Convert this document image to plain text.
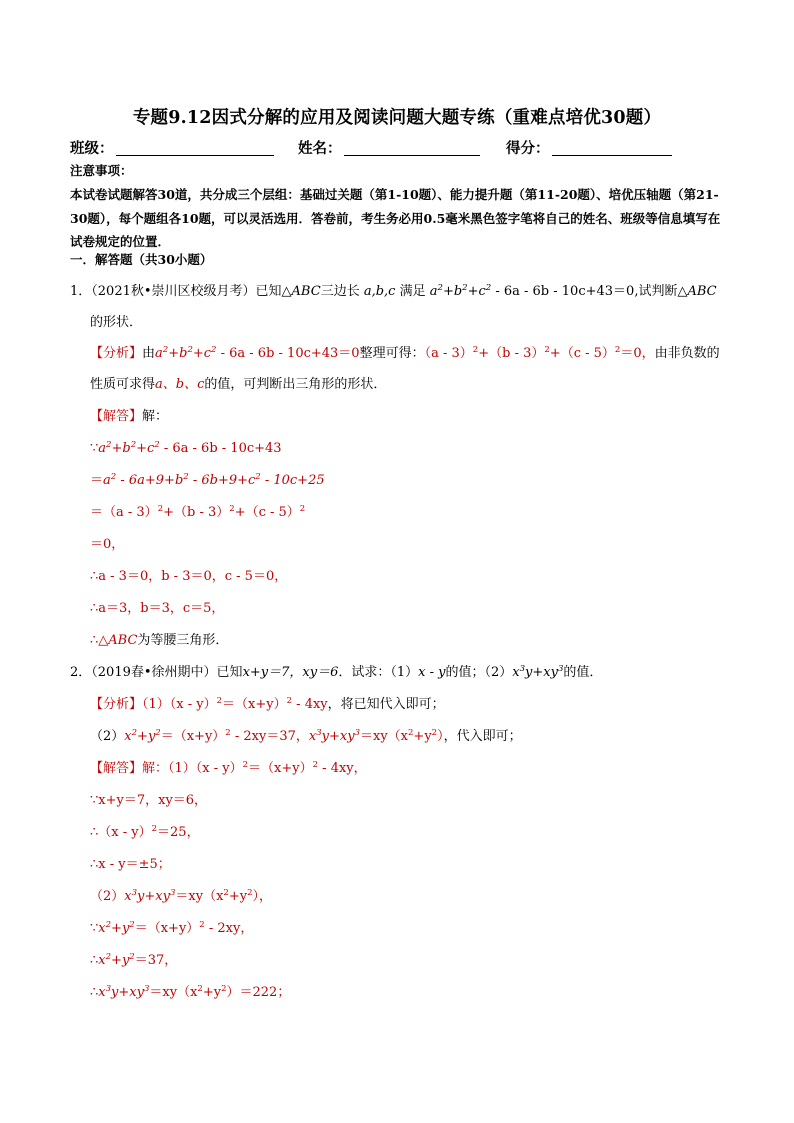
专题9.12因式分解的应用及阅读问题大题专练（重难点培优30题）
班级：	姓名：	得分：
注意事项：
本试卷试题解答30道，共分成三个层组：基础过关题（第1-10题）、能力提升题（第11-20题）、培优压轴题（第21-30题），每个题组各10题，可以灵活选用．答卷前，考生务必用0.5毫米黑色签字笔将自己的姓名、班级等信息填写在试卷规定的位置．
一．解答题（共30小题）
1．（2021秋•崇川区校级月考）已知△ABC三边长 a,b,c 满足 $a^2+b^2+c^2 - 6a - 6b - 10c+43=0$,试判断△ABC
的形状．
【分析】由$a^2+b^2+c^2 - 6a - 6b - 10c+43=0$整理可得：（a - 3）$^2$+（b - 3）$^2$+（c - 5）$^2$＝0，由非负数的
性质可求得a、b、c的值，可判断出三角形的形状．
【解答】解：
$\because a^2+b^2+c^2 - 6a - 6b - 10c+43$
$=a^2 - 6a+9+b^2 - 6b+9+c^2 - 10c+25$
＝（a - 3）$^2$+（b - 3）$^2$+（c - 5）$^2$
＝0，
∴a - 3＝0，b - 3＝0，c - 5＝0，
∴a＝3，b＝3，c＝5，
∴△ABC为等腰三角形．
2．（2019春•徐州期中）已知x+y＝7，xy＝6．试求：（1）x - y的值；$(2)x^3y+xy^3$的值．
【分析】$(1)(x - y)^2=(x+y)^2 - 4xy$，将已知代入即可；
$(2)x^2+y^2=(x+y)^2 - 2xy=37$，$x^3y+xy^3=xy(x^2+y^2)$，代入即可；
【解答】解：$(1)(x - y)^2=(x+y)^2 - 4xy$，
∵x+y＝7，xy＝6，
∴（x - y）$^2$＝25，
∴x - y＝±5；
$(2)x^3y+xy^3=xy(x^2+y^2)$，
$\because x^2+y^2=(x+y)^2 - 2xy$，
$\therefore x^2+y^2=37$，
$\therefore x^3y+xy^3=xy(x^2+y^2)=222$；
